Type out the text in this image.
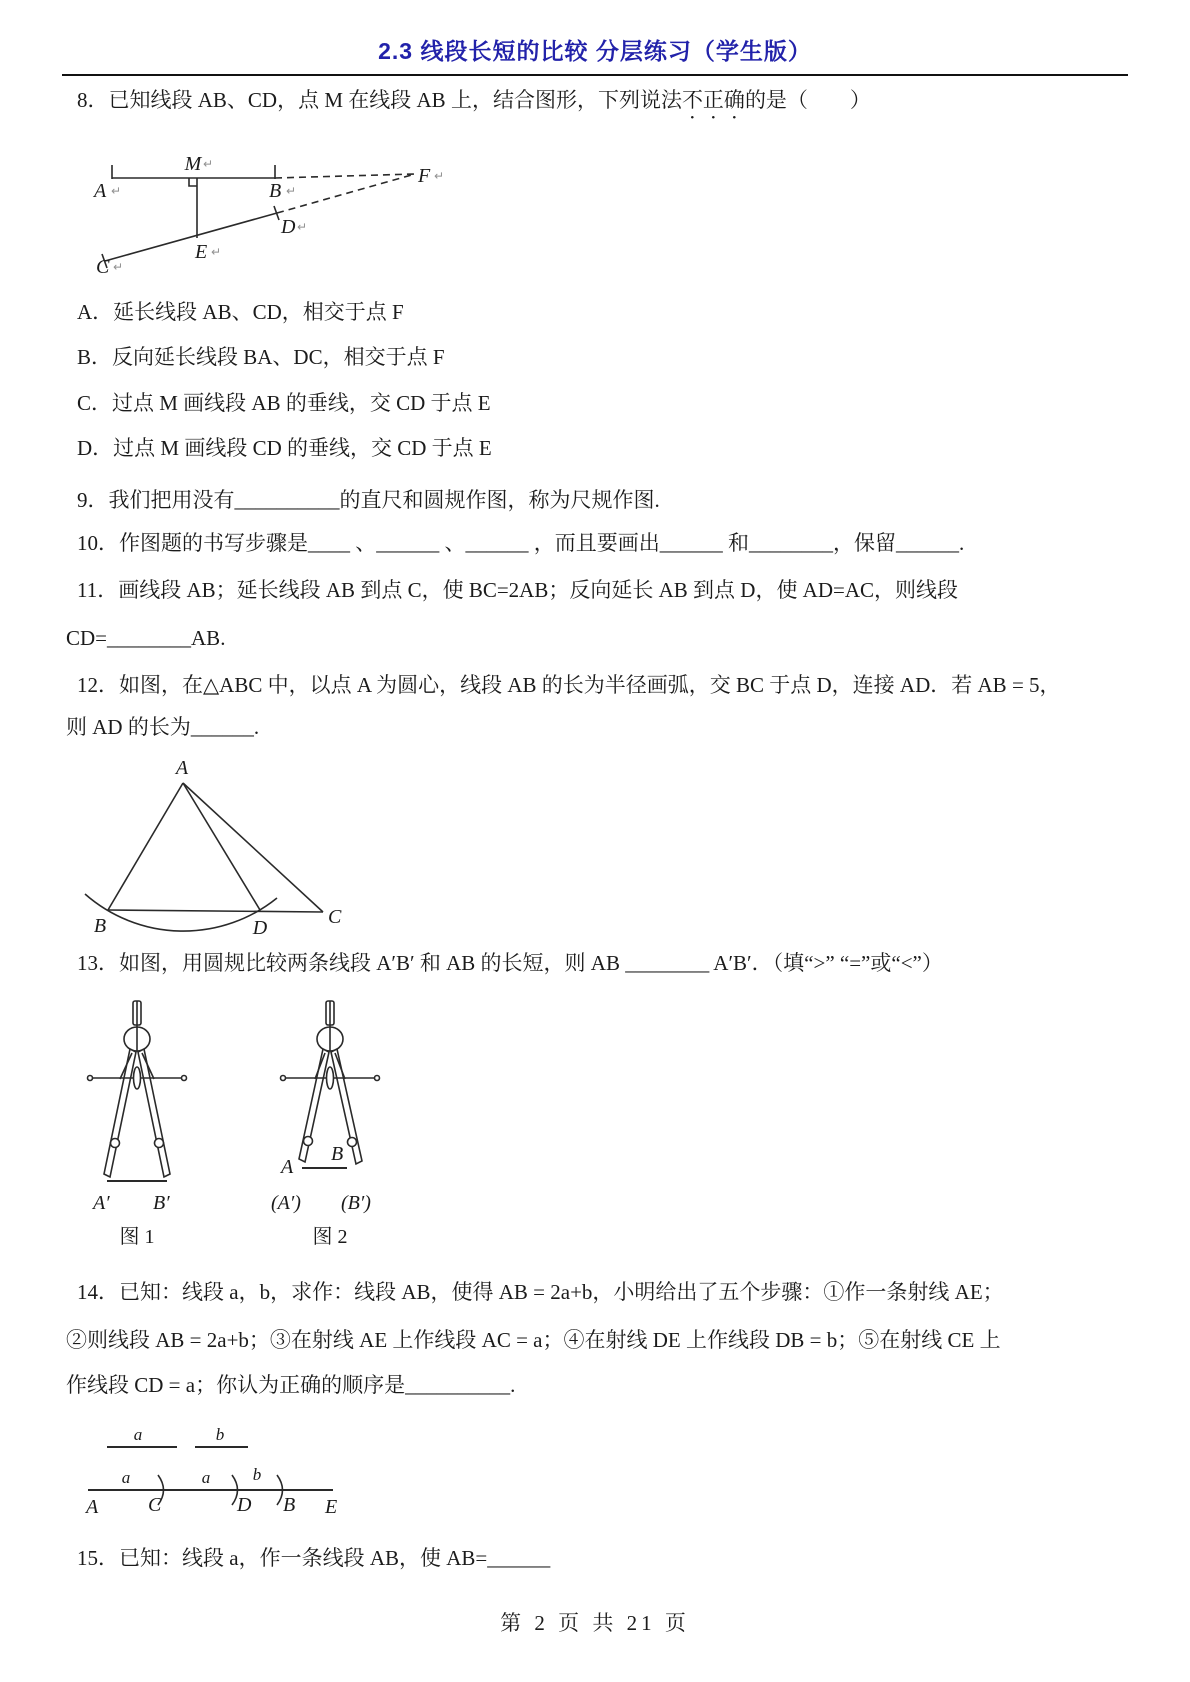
2.3 线段长短的比较 分层练习（学生版）
8．已知线段 AB、CD，点 M 在线段 AB 上，结合图形，下列说法不正确的是（　　）
M ↵
A ↵	B ↵
F ↵
D ↵
E ↵
C ↵
A．延长线段 AB、CD，相交于点 F
B．反向延长线段 BA、DC，相交于点 F
C．过点 M 画线段 AB 的垂线，交 CD 于点 E
D．过点 M 画线段 CD 的垂线，交 CD 于点 E
9．我们把用没有__________的直尺和圆规作图，称为尺规作图.
10．作图题的书写步骤是____ 、______ 、______ ，而且要画出______ 和________，保留______.
11．画线段 AB；延长线段 AB 到点 C，使 BC=2AB；反向延长 AB 到点 D，使 AD=AC，则线段
CD=________AB.
12．如图，在△ABC 中，以点 A 为圆心，线段 AB 的长为半径画弧，交 BC 于点 D，连接 AD．若 AB = 5，
则 AD 的长为______.
A
B	D	C
13．如图，用圆规比较两条线段 A′B′ 和 AB 的长短，则 AB ________ A′B′．（填“>” “=”或“<”）
A′ B′
图 1
A
B
(A′) (B′)
图 2
14．已知：线段 a，b，求作：线段 AB，使得 AB = 2a+b，小明给出了五个步骤：①作一条射线 AE；
②则线段 AB = 2a+b；③在射线 AE 上作线段 AC = a；④在射线 DE 上作线段 DB = b；⑤在射线 CE 上
作线段 CD = a；你认为正确的顺序是__________.
a	b
a	a	b
A C	D B E
15．已知：线段 a，作一条线段 AB，使 AB=______
第 2 页 共 21 页
